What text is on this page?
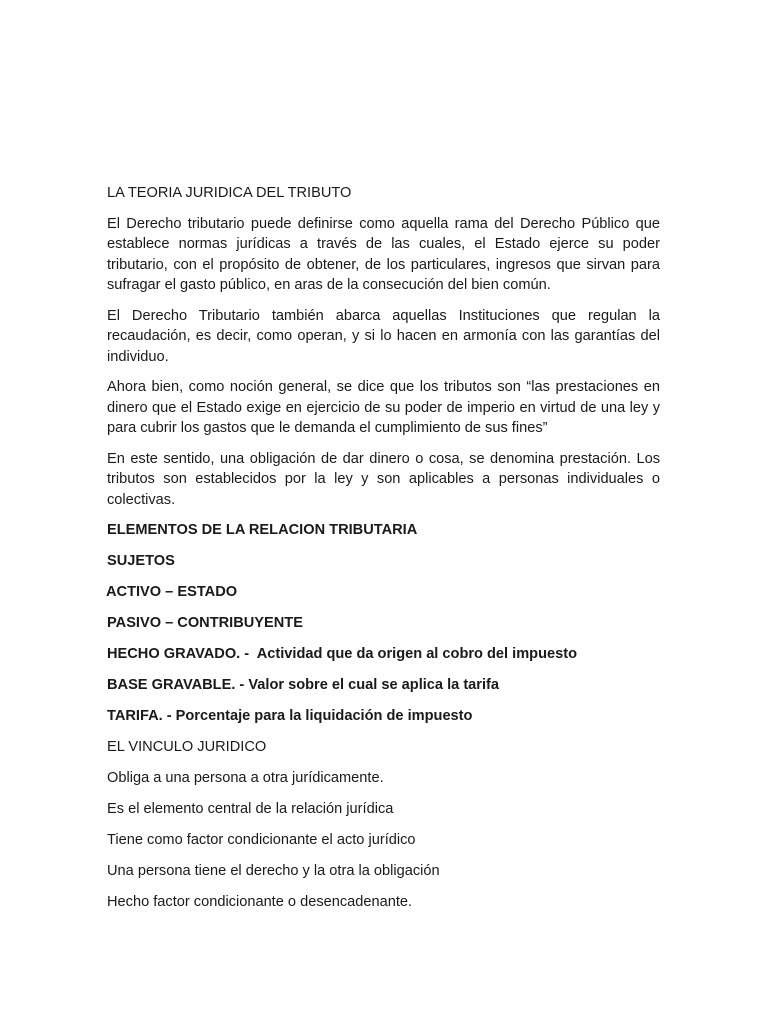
LA TEORIA JURIDICA DEL TRIBUTO

El Derecho tributario puede definirse como aquella rama del Derecho Público que establece normas jurídicas a través de las cuales, el Estado ejerce su poder tributario, con el propósito de obtener, de los particulares, ingresos que sirvan para sufragar el gasto público, en aras de la consecución del bien común.

El Derecho Tributario también abarca aquellas Instituciones que regulan la recaudación, es decir, como operan, y si lo hacen en armonía con las garantías del individuo.

Ahora bien, como noción general, se dice que los tributos son “las prestaciones en dinero que el Estado exige en ejercicio de su poder de imperio en virtud de una ley y para cubrir los gastos que le demanda el cumplimiento de sus fines”

En este sentido, una obligación de dar dinero o cosa, se denomina prestación. Los tributos son establecidos por la ley y son aplicables a personas individuales o colectivas.

ELEMENTOS DE LA RELACION TRIBUTARIA

SUJETOS

ACTIVO – ESTADO

PASIVO – CONTRIBUYENTE

HECHO GRAVADO. -  Actividad que da origen al cobro del impuesto

BASE GRAVABLE. - Valor sobre el cual se aplica la tarifa

TARIFA. - Porcentaje para la liquidación de impuesto

EL VINCULO JURIDICO

Obliga a una persona a otra jurídicamente.

Es el elemento central de la relación jurídica

Tiene como factor condicionante el acto jurídico

Una persona tiene el derecho y la otra la obligación

Hecho factor condicionante o desencadenante.
